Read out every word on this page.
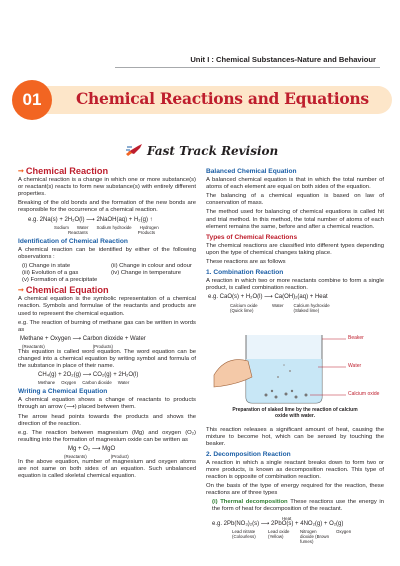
Unit I : Chemical Substances-Nature and Behaviour
01	Chemical Reactions and Equations
Fast Track Revision
➞ Chemical Reaction

A chemical reaction is a change in which one or more substance(s) or reactant(s) reacts to form new substance(s) with entirely different properties.

Breaking of the old bonds and the formation of the new bonds are responsible for the occurrence of a chemical reaction.

e.g. 2Na(s) + 2H₂O(l) ⟶ 2NaOH(aq) + H₂(g) ↑
Sodium Water Sodium hydroxide Hydrogen
Reactants	Products
Identification of Chemical Reaction

A chemical reaction can be identified by either of the following observations :

(i) Change in state	(ii) Change in colour and odour
(iii) Evolution of a gas	(iv) Change in temperature
(v) Formation of a precipitate
➞ Chemical Equation

A chemical equation is the symbolic representation of a chemical reaction. Symbols and formulae of the reactants and products are used to represent the chemical equation.

e.g. The reaction of burning of methane gas can be written in words as

Methane + Oxygen ⟶ Carbon dioxide + Water
(Reactants)	(Products)

This equation is called word equation. The word equation can be changed into a chemical equation by writing symbol and formula of the substance in place of their name.

CH₄(g) + 2O₂(g) ⟶ CO₂(g) + 2H₂O(l)
Methane Oxygen Carbon dioxide Water
Writing a Chemical Equation

A chemical equation shows a change of reactants to products through an arrow (⟶) placed between them.

The arrow head points towards the products and shows the direction of the reaction.

e.g. The reaction between magnesium (Mg) and oxygen (O₂) resulting into the formation of magnesium oxide can be written as

Mg + O₂ ⟶ MgO
(Reactants)	(Product)

In the above equation, number of magnesium and oxygen atoms are not same on both sides of an equation. Such unbalanced equation is called skeletal chemical equation.

Balanced Chemical Equation

A balanced chemical equation is that in which the total number of atoms of each element are equal on both sides of the equation.

The balancing of a chemical equation is based on law of conservation of mass.

The method used for balancing of chemical equations is called hit and trial method. In this method, the total number of atoms of each element remains the same, before and after a chemical reaction.

Types of Chemical Reactions

The chemical reactions are classified into different types depending upon the type of chemical changes taking place.

These reactions are as follows

1. Combination Reaction

A reaction in which two or more reactants combine to form a single product, is called combination reaction.

e.g. CaO(s) + H₂O(l) ⟶ Ca(OH)₂(aq) + Heat
Calcium oxide (Quick lime)
Water Calcium hydroxide (Slaked lime)
Beaker
Water
Calcium oxide
Preparation of slaked lime by the reaction of calcium oxide with water.

This reaction releases a significant amount of heat, causing the mixture to become hot, which can be sensed by touching the beaker.

2. Decomposition Reaction

A reaction in which a single reactant breaks down to form two or more products, is known as decomposition reaction. This type of reaction is opposite of combination reaction.

On the basis of the type of energy required for the reaction, these reactions are of three types

(i) Thermal decomposition These reactions use the energy in the form of heat for decomposition of the reactant.

Heat
e.g. 2Pb(NO₃)₂(s) ⟶ 2PbO(s) + 4NO₂(g) + O₂(g)
Lead nitrate (Colourless)
Lead oxide (Yellow)
Nitrogen dioxide (Brown fumes)
Oxygen
